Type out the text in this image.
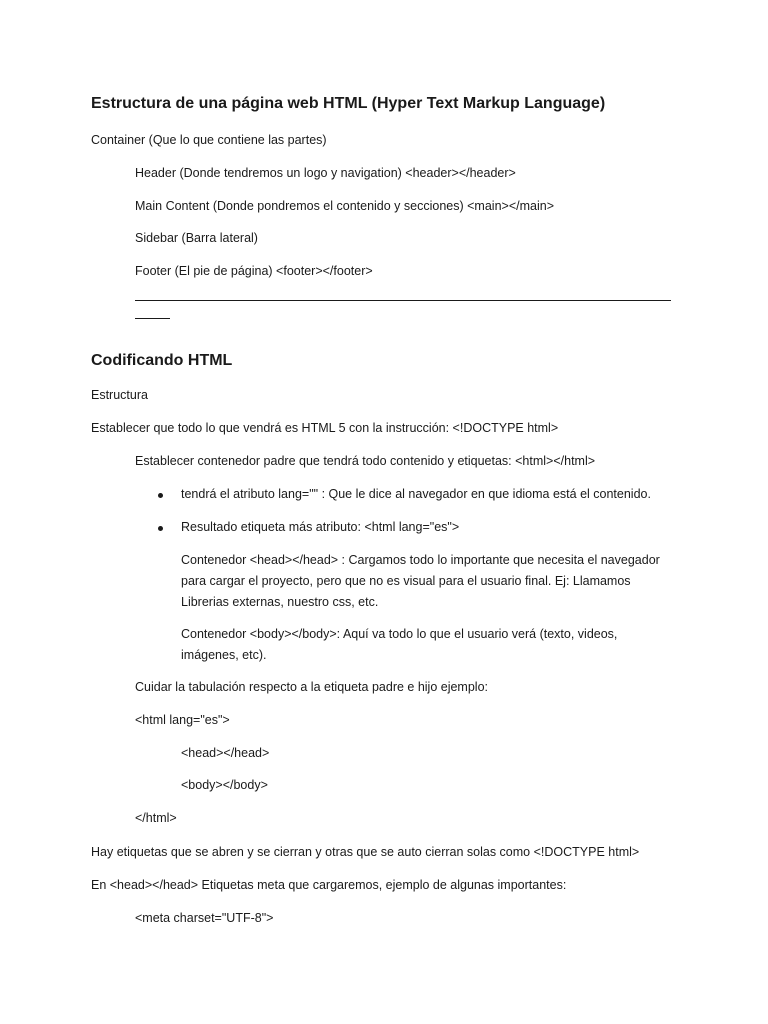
Estructura de una página web HTML (Hyper Text Markup Language)
Container (Que lo que contiene las partes)
Header (Donde tendremos un logo y navigation) <header></header>
Main Content (Donde pondremos el contenido y secciones) <main></main>
Sidebar (Barra lateral)
Footer (El pie de página) <footer></footer>
Codificando HTML
Estructura
Establecer que todo lo que vendrá es HTML 5 con la instrucción: <!DOCTYPE html>
Establecer contenedor padre que tendrá todo contenido y etiquetas: <html></html>
tendrá el atributo lang="" : Que le dice al navegador en que idioma está el contenido.
Resultado etiqueta más atributo: <html lang="es">
Contenedor <head></head> : Cargamos todo lo importante que necesita el navegador
para cargar el proyecto, pero que no es visual para el usuario final. Ej: Llamamos
Librerias externas, nuestro css, etc.
Contenedor <body></body>: Aquí va todo lo que el usuario verá (texto, videos,
imágenes, etc).
Cuidar la tabulación respecto a la etiqueta padre e hijo ejemplo:
<html lang="es">
<head></head>
<body></body>
</html>
Hay etiquetas que se abren y se cierran y otras que se auto cierran solas como <!DOCTYPE html>
En <head></head> Etiquetas meta que cargaremos, ejemplo de algunas importantes:
<meta charset="UTF-8">
